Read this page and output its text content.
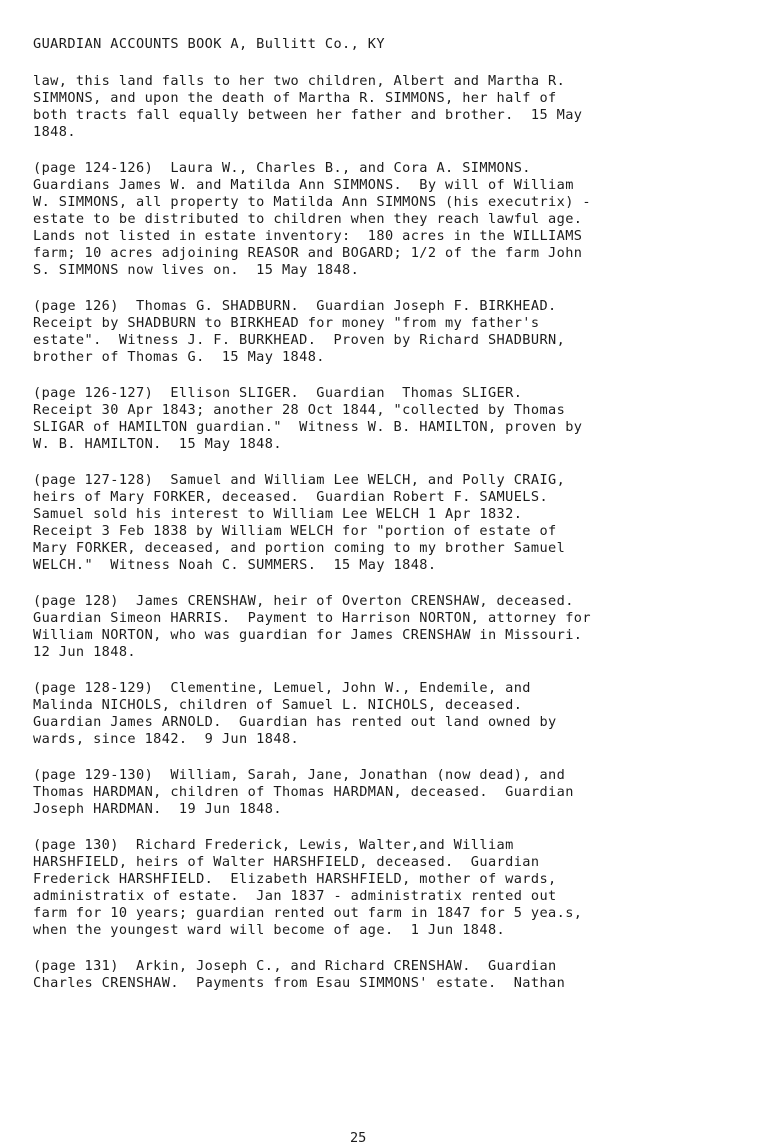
GUARDIAN ACCOUNTS BOOK A, Bullitt Co., KY
law, this land falls to her two children, Albert and Martha R.
SIMMONS, and upon the death of Martha R. SIMMONS, her half of
both tracts fall equally between her father and brother.  15 May
1848.
(page 124-126)  Laura W., Charles B., and Cora A. SIMMONS.
Guardians James W. and Matilda Ann SIMMONS.  By will of William
W. SIMMONS, all property to Matilda Ann SIMMONS (his executrix) -
estate to be distributed to children when they reach lawful age.
Lands not listed in estate inventory:  180 acres in the WILLIAMS
farm; 10 acres adjoining REASOR and BOGARD; 1/2 of the farm John
S. SIMMONS now lives on.  15 May 1848.
(page 126)  Thomas G. SHADBURN.  Guardian Joseph F. BIRKHEAD.
Receipt by SHADBURN to BIRKHEAD for money "from my father's
estate".  Witness J. F. BURKHEAD.  Proven by Richard SHADBURN,
brother of Thomas G.  15 May 1848.
(page 126-127)  Ellison SLIGER.  Guardian  Thomas SLIGER.
Receipt 30 Apr 1843; another 28 Oct 1844, "collected by Thomas
SLIGAR of HAMILTON guardian."  Witness W. B. HAMILTON, proven by
W. B. HAMILTON.  15 May 1848.
(page 127-128)  Samuel and William Lee WELCH, and Polly CRAIG,
heirs of Mary FORKER, deceased.  Guardian Robert F. SAMUELS.
Samuel sold his interest to William Lee WELCH 1 Apr 1832.
Receipt 3 Feb 1838 by William WELCH for "portion of estate of
Mary FORKER, deceased, and portion coming to my brother Samuel
WELCH."  Witness Noah C. SUMMERS.  15 May 1848.
(page 128)  James CRENSHAW, heir of Overton CRENSHAW, deceased.
Guardian Simeon HARRIS.  Payment to Harrison NORTON, attorney for
William NORTON, who was guardian for James CRENSHAW in Missouri.
12 Jun 1848.
(page 128-129)  Clementine, Lemuel, John W., Endemile, and
Malinda NICHOLS, children of Samuel L. NICHOLS, deceased.
Guardian James ARNOLD.  Guardian has rented out land owned by
wards, since 1842.  9 Jun 1848.
(page 129-130)  William, Sarah, Jane, Jonathan (now dead), and
Thomas HARDMAN, children of Thomas HARDMAN, deceased.  Guardian
Joseph HARDMAN.  19 Jun 1848.
(page 130)  Richard Frederick, Lewis, Walter,and William
HARSHFIELD, heirs of Walter HARSHFIELD, deceased.  Guardian
Frederick HARSHFIELD.  Elizabeth HARSHFIELD, mother of wards,
administratix of estate.  Jan 1837 - administratix rented out
farm for 10 years; guardian rented out farm in 1847 for 5 yea.s,
when the youngest ward will become of age.  1 Jun 1848.
(page 131)  Arkin, Joseph C., and Richard CRENSHAW.  Guardian
Charles CRENSHAW.  Payments from Esau SIMMONS' estate.  Nathan
25
